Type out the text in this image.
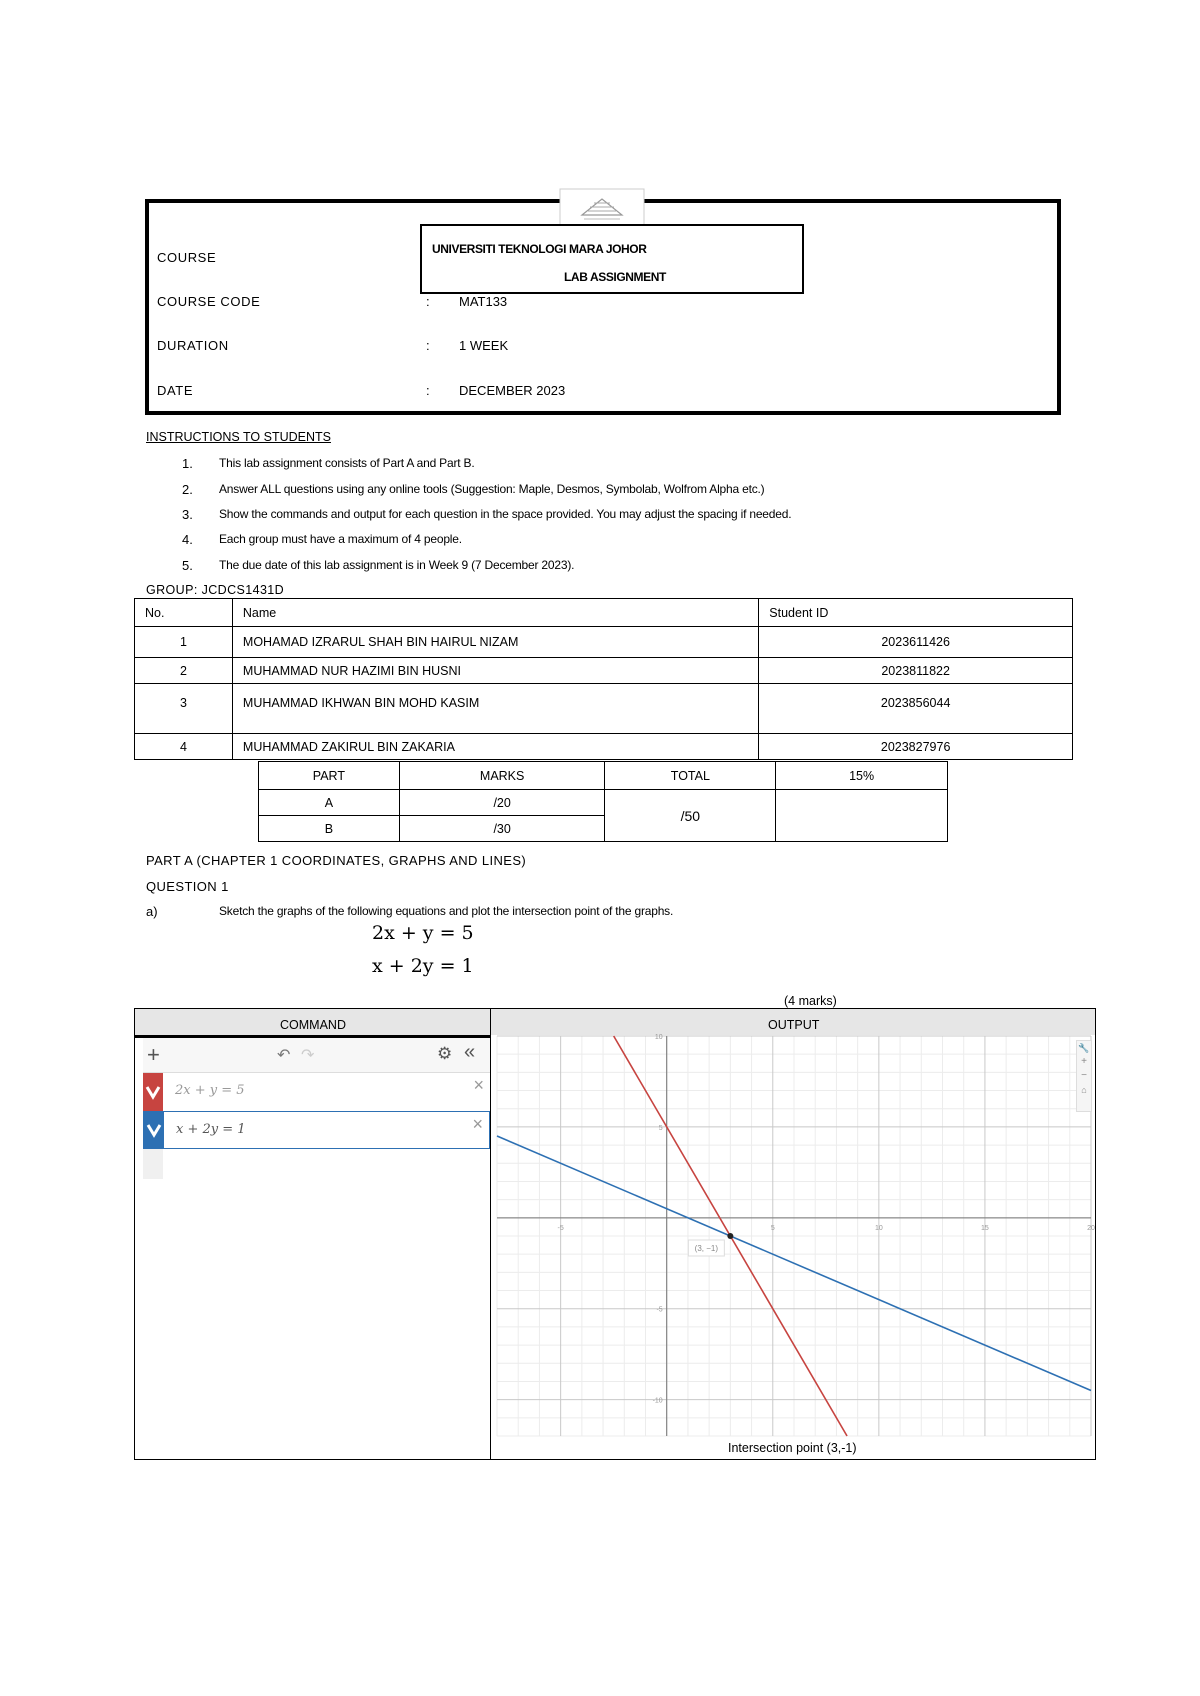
UNIVERSITI TEKNOLOGI MARA JOHOR
LAB ASSIGNMENT
COURSE
COURSE CODE	: MAT133
DURATION	: 1 WEEK
DATE	: DECEMBER 2023
INSTRUCTIONS TO STUDENTS
1. This lab assignment consists of Part A and Part B.
2. Answer ALL questions using any online tools (Suggestion: Maple, Desmos, Symbolab, Wolfrom Alpha etc.)
3. Show the commands and output for each question in the space provided. You may adjust the spacing if needed.
4. Each group must have a maximum of 4 people.
5. The due date of this lab assignment is in Week 9 (7 December 2023).
GROUP: JCDCS1431D
No.	Name	Student ID
1	MOHAMAD IZRARUL SHAH BIN HAIRUL NIZAM	2023611426
2	MUHAMMAD NUR HAZIMI BIN HUSNI	2023811822
3	MUHAMMAD IKHWAN BIN MOHD KASIM	2023856044
4	MUHAMMAD ZAKIRUL BIN ZAKARIA	2023827976
PART	MARKS	TOTAL	15%
A	/20	/50	
B	/30		
PART A (CHAPTER 1 COORDINATES, GRAPHS AND LINES)
QUESTION 1
a)	Sketch the graphs of the following equations and plot the intersection point of the graphs.
2x + y = 5
x + 2y = 1
(4 marks)
COMMAND	OUTPUT
+	↶ ↷	⚙ «
2x + y = 5	×
x + 2y = 1	×
-5	5	10	15	20
-10
-5
5
10
(3, −1)
🔧
+
−
⌂
Intersection point (3,-1)
